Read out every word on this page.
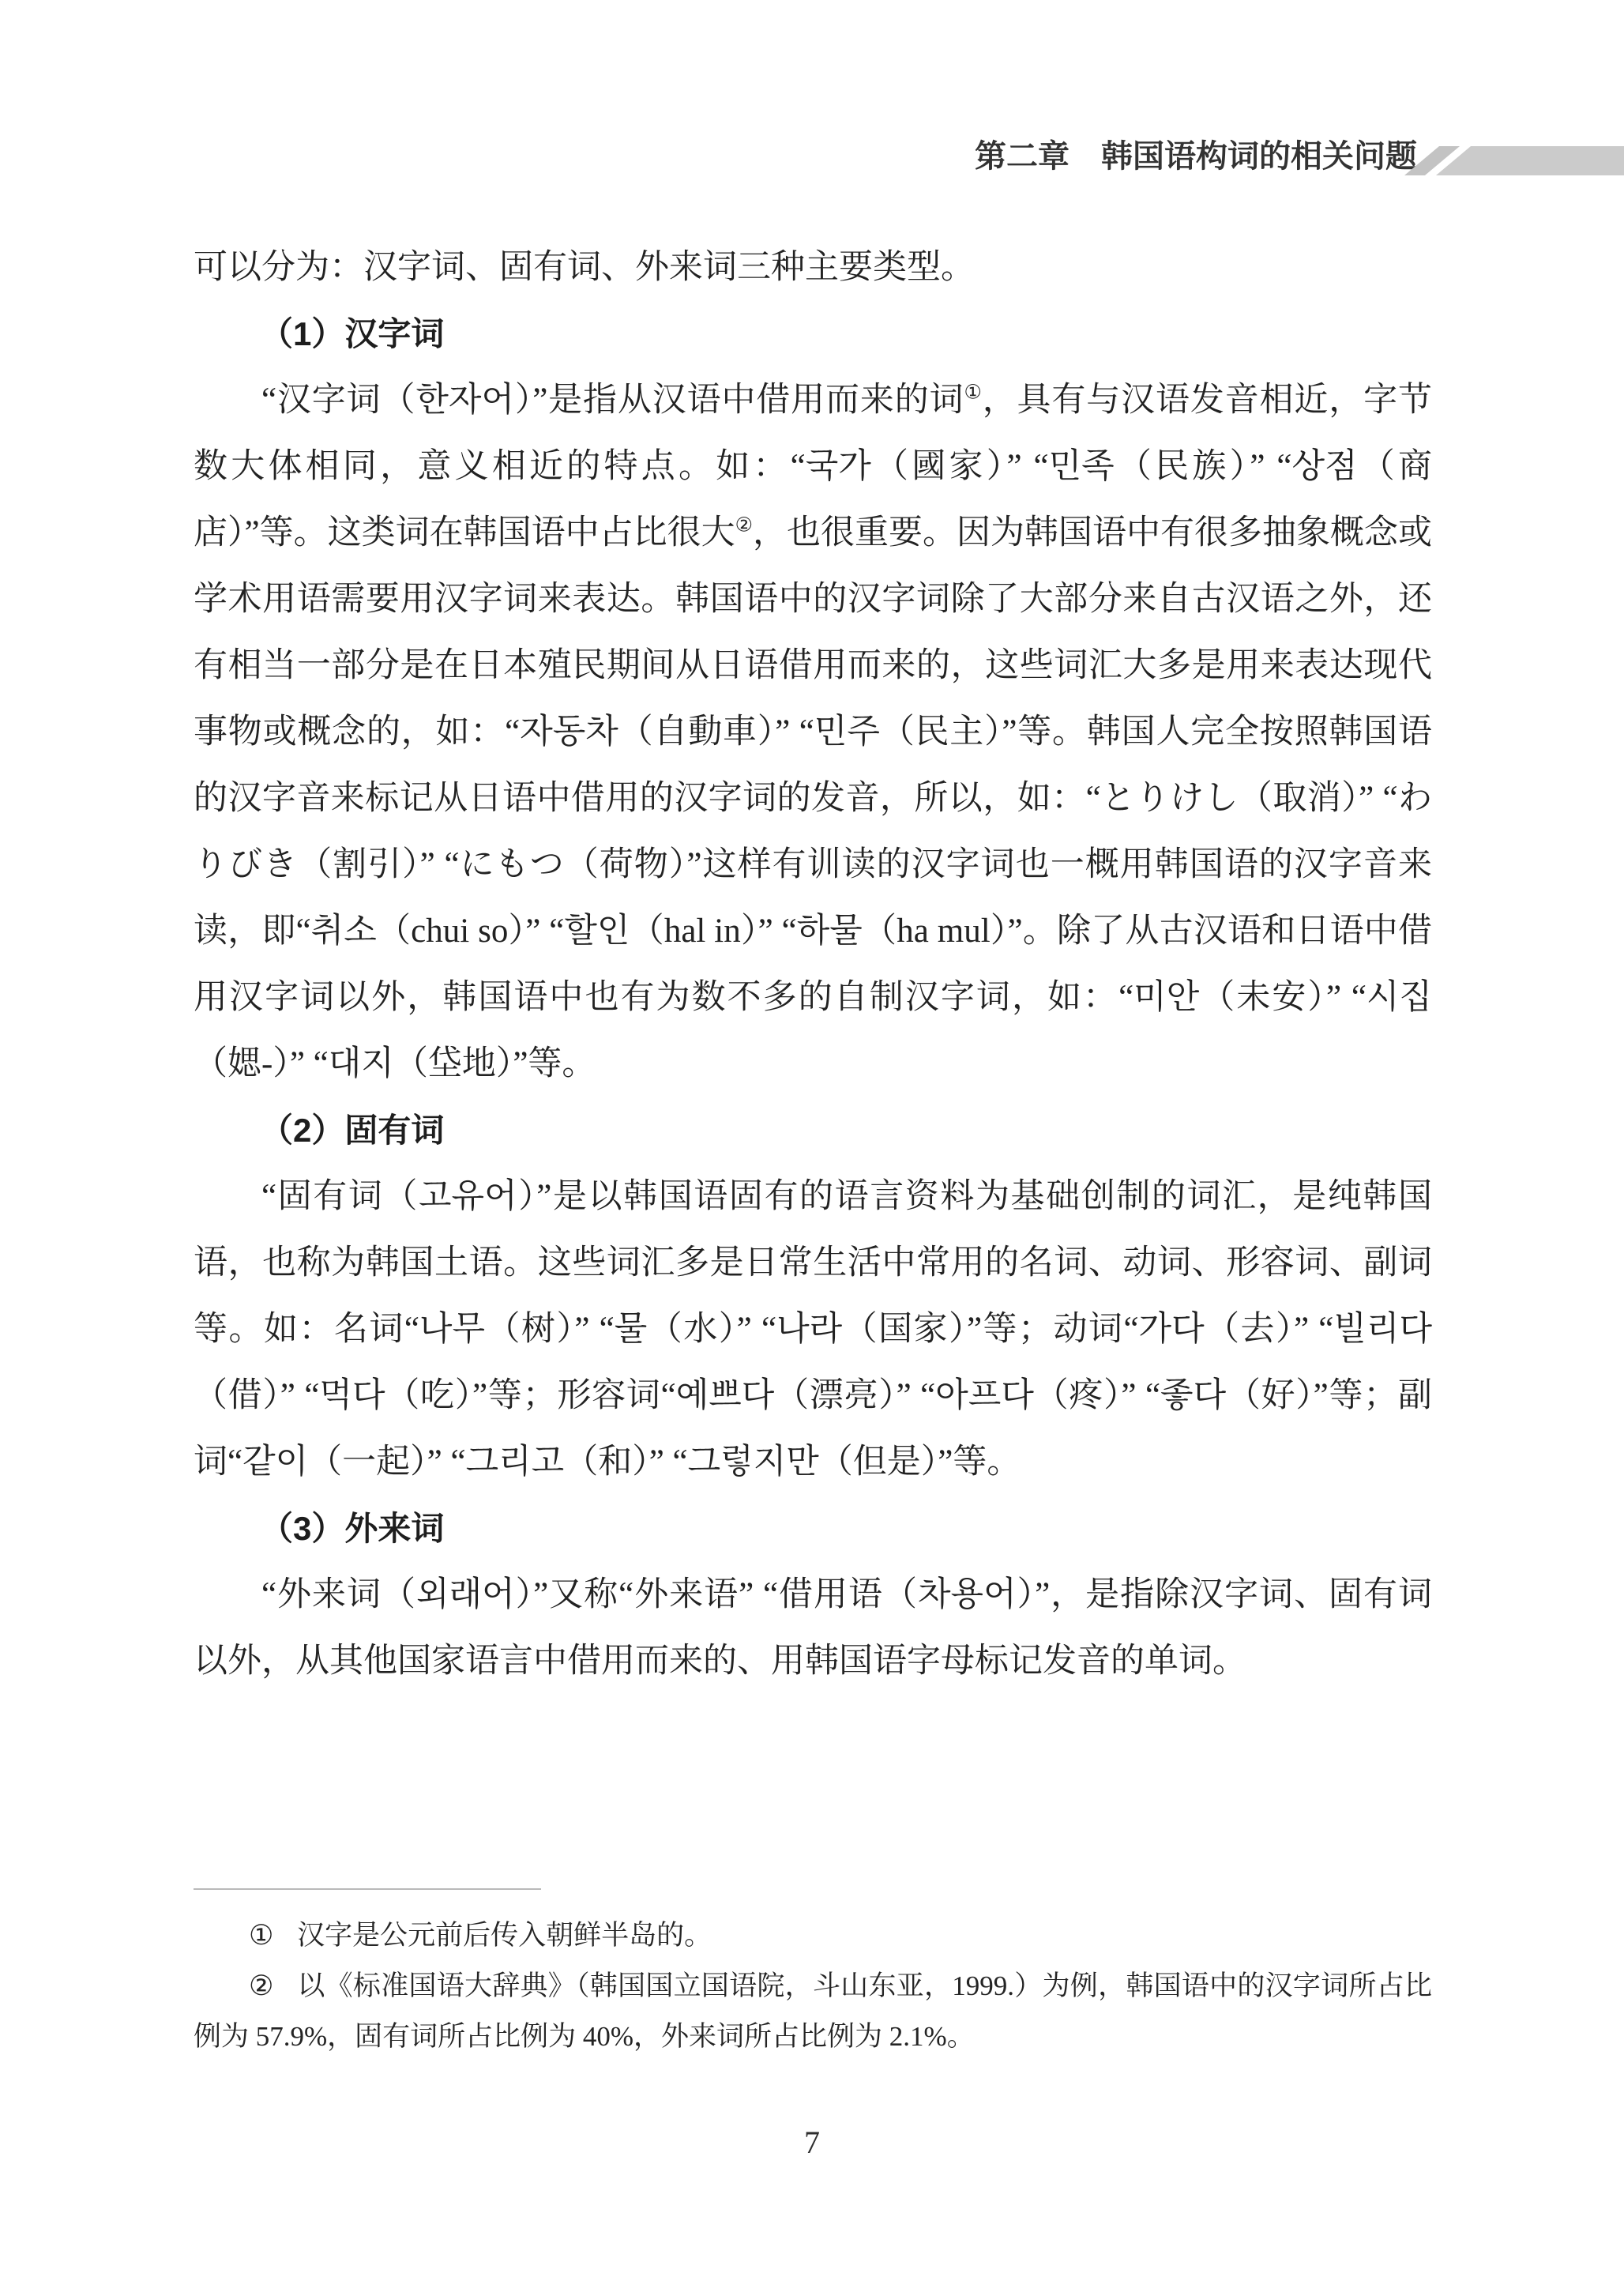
第二章 韩国语构词的相关问题

可以分为：汉字词、固有词、外来词三种主要类型。

（1）汉字词

“汉字词（한자어）”是指从汉语中借用而来的词①，具有与汉语发音相近，字节数大体相同，意义相近的特点。如：“국가（國家）” “민족（民族）” “상점（商店）”等。这类词在韩国语中占比很大②，也很重要。因为韩国语中有很多抽象概念或学术用语需要用汉字词来表达。韩国语中的汉字词除了大部分来自古汉语之外，还有相当一部分是在日本殖民期间从日语借用而来的，这些词汇大多是用来表达现代事物或概念的，如：“자동차（自動車）” “민주（民主）”等。韩国人完全按照韩国语的汉字音来标记从日语中借用的汉字词的发音，所以，如：“とりけし（取消）” “わりびき（割引）” “にもつ（荷物）”这样有训读的汉字词也一概用韩国语的汉字音来读，即“취소（chui so）” “할인（hal in）” “하물（ha mul）”。除了从古汉语和日语中借用汉字词以外，韩国语中也有为数不多的自制汉字词，如：“미안（未安）” “시집（媤-）” “대지（垈地）”等。

（2）固有词

“固有词（고유어）”是以韩国语固有的语言资料为基础创制的词汇，是纯韩国语，也称为韩国土语。这些词汇多是日常生活中常用的名词、动词、形容词、副词等。如：名词“나무（树）” “물（水）” “나라（国家）”等；动词“가다（去）” “빌리다（借）” “먹다（吃）”等；形容词“예쁘다（漂亮）” “아프다（疼）” “좋다（好）”等；副词“같이（一起）” “그리고（和）” “그렇지만（但是）”等。

（3）外来词

“外来词（외래어）”又称“外来语” “借用语（차용어）”，是指除汉字词、固有词以外，从其他国家语言中借用而来的、用韩国语字母标记发音的单词。

① 汉字是公元前后传入朝鲜半岛的。

② 以《标准国语大辞典》（韩国国立国语院，斗山东亚，1999.）为例，韩国语中的汉字词所占比例为 57.9%，固有词所占比例为 40%，外来词所占比例为 2.1%。

7
